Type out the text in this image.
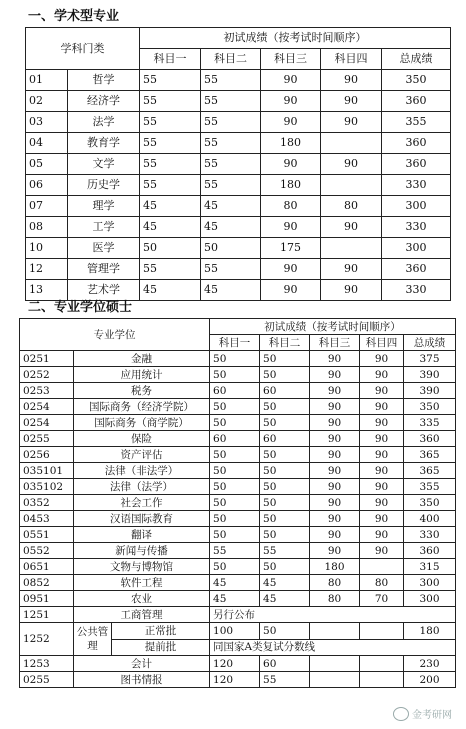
一、学术型专业
学科门类		初试成绩（按考试时间顺序）				
		科目一	科目二	科目三	科目四	总成绩
01	哲学	55	55	90	90	350
02	经济学	55	55	90	90	360
03	法学	55	55	90	90	355
04	教育学	55	55	180		360
05	文学	55	55	90	90	360
06	历史学	55	55	180		330
07	理学	45	45	80	80	300
08	工学	45	45	90	90	330
10	医学	50	50	175		300
12	管理学	55	55	90	90	360
13	艺术学	45	45	90	90	330
二、专业学位硕士
专业学位			初试成绩（按考试时间顺序）				
			科目一	科目二	科目三	科目四	总成绩
0251	金融		50	50	90	90	375
0252	应用统计		50	50	90	90	390
0253	税务		60	60	90	90	390
0254	国际商务（经济学院）		50	50	90	90	350
0254	国际商务（商学院）		50	50	90	90	335
0255	保险		60	60	90	90	360
0256	资产评估		50	50	90	90	365
035101	法律（非法学）		50	50	90	90	365
035102	法律（法学）		50	50	90	90	355
0352	社会工作		50	50	90	90	350
0453	汉语国际教育		50	50	90	90	400
0551	翻译		50	50	90	90	330
0552	新闻与传播		55	55	90	90	360
0651	文物与博物馆		50	50	180		315
0852	软件工程		45	45	80	80	300
0951	农业		45	45	80	70	300
1251	工商管理		另行公布				
1252	公共管理	正常批	100	50			180
		提前批	同国家A类复试分数线				
1253	会计		120	60			230
0255	图书情报		120	55			200
金考研网
